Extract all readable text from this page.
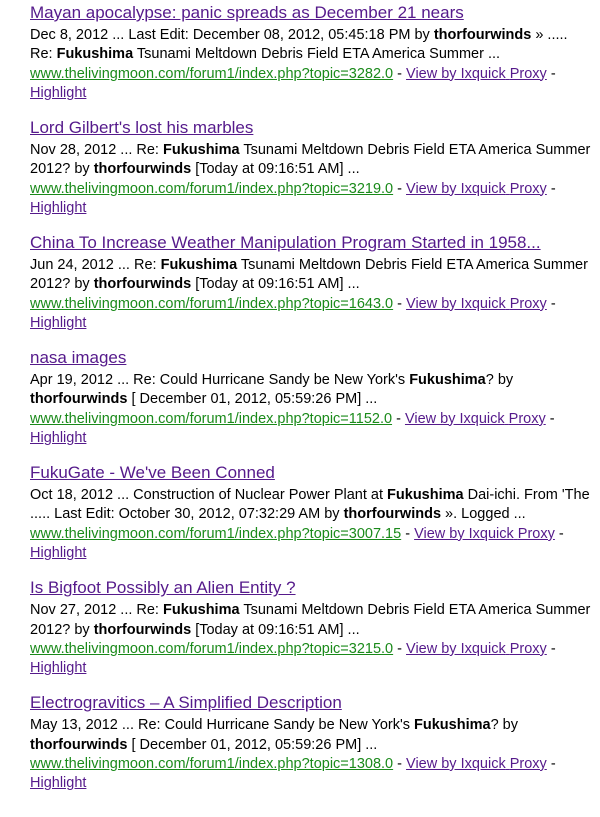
Mayan apocalypse: panic spreads as December 21 nears
Dec 8, 2012 ... Last Edit: December 08, 2012, 05:45:18 PM by thorfourwinds » ..... Re: Fukushima Tsunami Meltdown Debris Field ETA America Summer ...
www.thelivingmoon.com/forum1/index.php?topic=3282.0 - View by Ixquick Proxy - Highlight
Lord Gilbert's lost his marbles
Nov 28, 2012 ... Re: Fukushima Tsunami Meltdown Debris Field ETA America Summer 2012? by thorfourwinds [Today at 09:16:51 AM] ...
www.thelivingmoon.com/forum1/index.php?topic=3219.0 - View by Ixquick Proxy - Highlight
China To Increase Weather Manipulation Program Started in 1958...
Jun 24, 2012 ... Re: Fukushima Tsunami Meltdown Debris Field ETA America Summer 2012? by thorfourwinds [Today at 09:16:51 AM] ...
www.thelivingmoon.com/forum1/index.php?topic=1643.0 - View by Ixquick Proxy - Highlight
nasa images
Apr 19, 2012 ... Re: Could Hurricane Sandy be New York's Fukushima? by thorfourwinds [ December 01, 2012, 05:59:26 PM] ...
www.thelivingmoon.com/forum1/index.php?topic=1152.0 - View by Ixquick Proxy - Highlight
FukuGate - We've Been Conned
Oct 18, 2012 ... Construction of Nuclear Power Plant at Fukushima Dai-ichi. From 'The ..... Last Edit: October 30, 2012, 07:32:29 AM by thorfourwinds ». Logged ...
www.thelivingmoon.com/forum1/index.php?topic=3007.15 - View by Ixquick Proxy - Highlight
Is Bigfoot Possibly an Alien Entity ?
Nov 27, 2012 ... Re: Fukushima Tsunami Meltdown Debris Field ETA America Summer 2012? by thorfourwinds [Today at 09:16:51 AM] ...
www.thelivingmoon.com/forum1/index.php?topic=3215.0 - View by Ixquick Proxy - Highlight
Electrogravitics – A Simplified Description
May 13, 2012 ... Re: Could Hurricane Sandy be New York's Fukushima? by thorfourwinds [ December 01, 2012, 05:59:26 PM] ...
www.thelivingmoon.com/forum1/index.php?topic=1308.0 - View by Ixquick Proxy - Highlight
